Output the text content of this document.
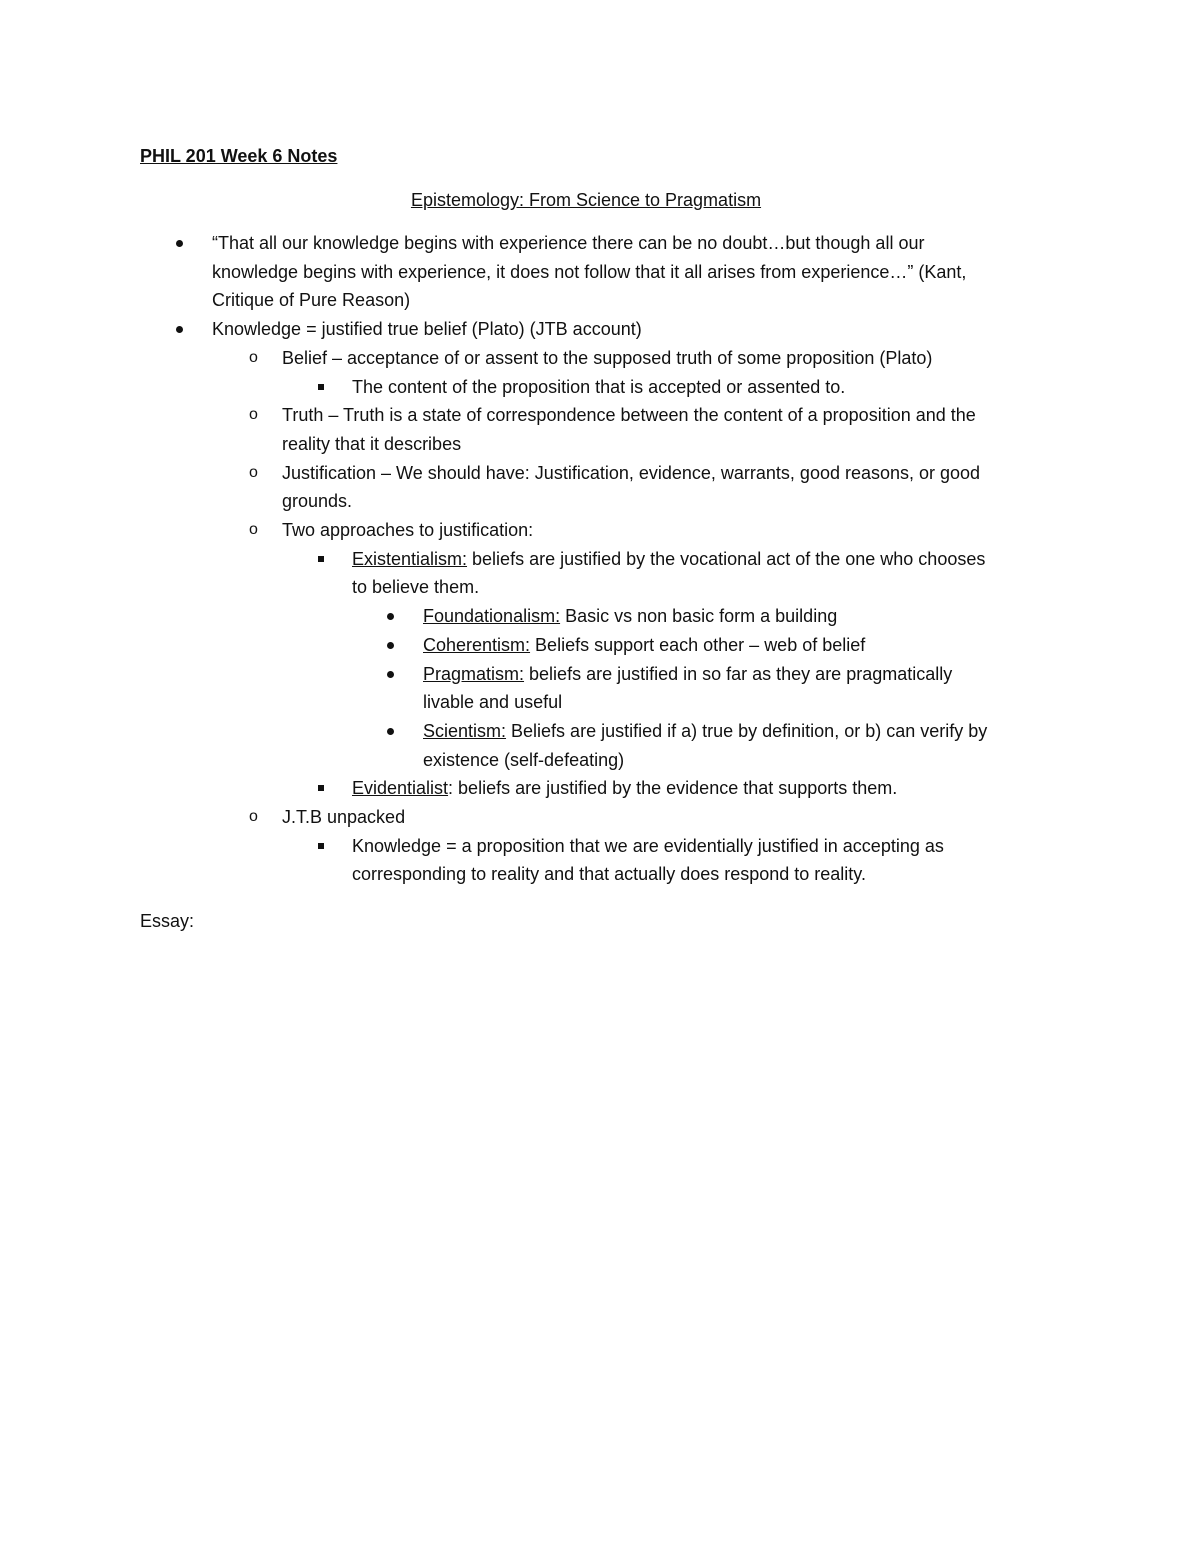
PHIL 201 Week 6 Notes
Epistemology: From Science to Pragmatism
“That all our knowledge begins with experience there can be no doubt…but though all our
knowledge begins with experience, it does not follow that it all arises from experience…” (Kant,
Critique of Pure Reason)
Knowledge = justified true belief (Plato) (JTB account)
o Belief – acceptance of or assent to the supposed truth of some proposition (Plato)
The content of the proposition that is accepted or assented to.
o Truth – Truth is a state of correspondence between the content of a proposition and the
reality that it describes
o Justification – We should have: Justification, evidence, warrants, good reasons, or good
grounds.
o Two approaches to justification:
Existentialism: beliefs are justified by the vocational act of the one who chooses
to believe them.
Foundationalism: Basic vs non basic form a building
Coherentism: Beliefs support each other – web of belief
Pragmatism: beliefs are justified in so far as they are pragmatically
livable and useful
Scientism: Beliefs are justified if a) true by definition, or b) can verify by
existence (self-defeating)
Evidentialist: beliefs are justified by the evidence that supports them.
o J.T.B unpacked
Knowledge = a proposition that we are evidentially justified in accepting as
corresponding to reality and that actually does respond to reality.
Essay:
